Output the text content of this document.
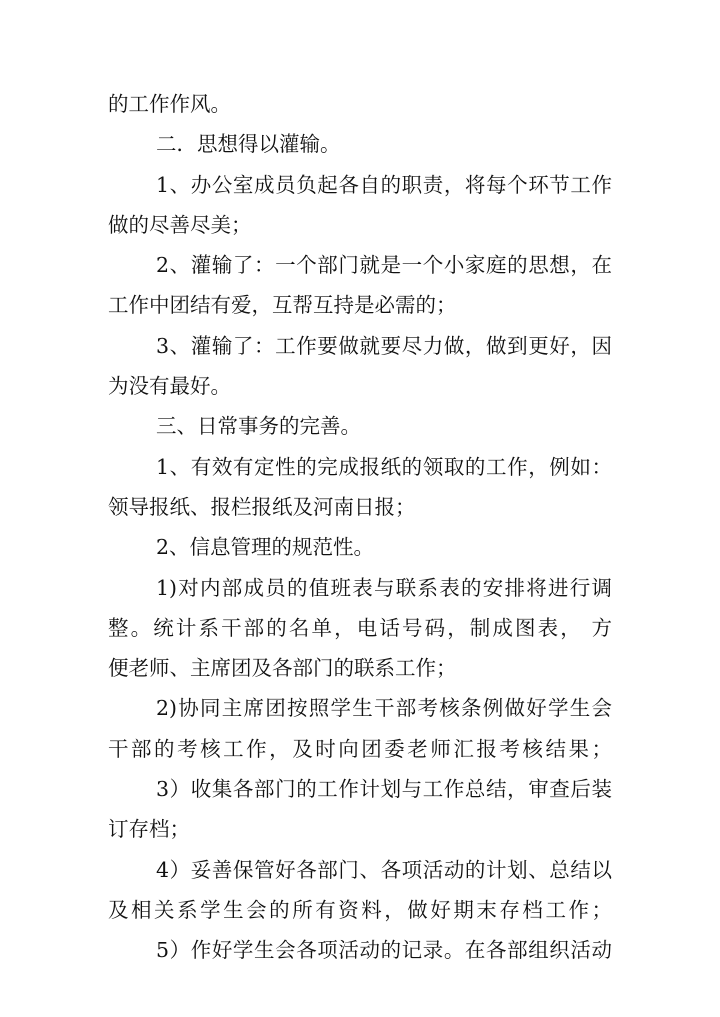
的工作作风。
二．思想得以灌输。
1、办公室成员负起各自的职责，将每个环节工作
做的尽善尽美；
2、灌输了：一个部门就是一个小家庭的思想，在
工作中团结有爱，互帮互持是必需的；
3、灌输了：工作要做就要尽力做，做到更好，因
为没有最好。
三、日常事务的完善。
1、有效有定性的完成报纸的领取的工作，例如：
领导报纸、报栏报纸及河南日报；
2、信息管理的规范性。
1)对内部成员的值班表与联系表的安排将进行调
整。统计系干部的名单，电话号码，制成图表， 方
便老师、主席团及各部门的联系工作；
2)协同主席团按照学生干部考核条例做好学生会
干部的考核工作，及时向团委老师汇报考核结果；
3）收集各部门的工作计划与工作总结，审查后装
订存档；
4）妥善保管好各部门、各项活动的计划、总结以
及相关系学生会的所有资料，做好期末存档工作；
5）作好学生会各项活动的记录。在各部组织活动
